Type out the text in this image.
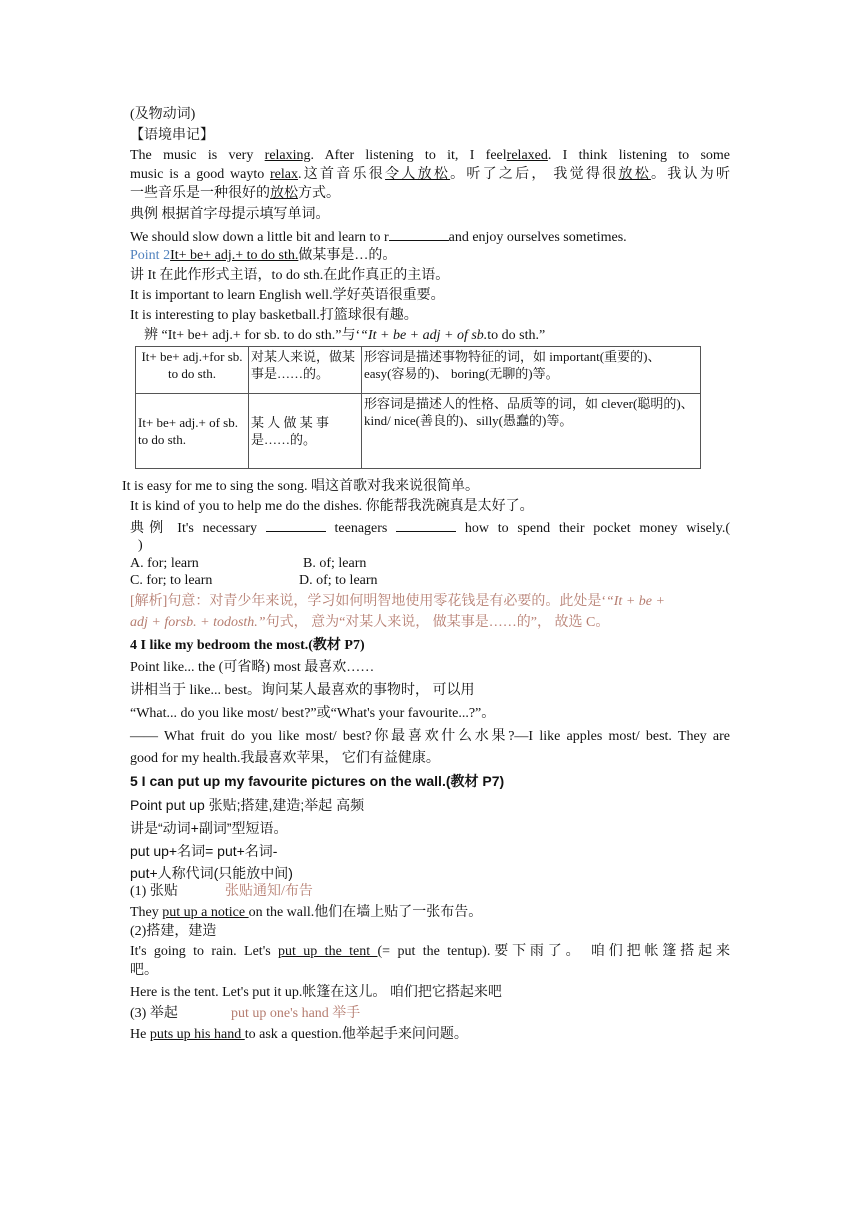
(及物动词)
【语境串记】
The music is very relaxing. After listening to it, I feelrelaxed. I think listening to some
music is a good wayto relax.这首音乐很令人放松。听了之后， 我觉得很放松。我认为听
一些音乐是一种很好的放松方式。
典例 根据首字母提示填写单词。
We should slow down a little bit and learn to r	and enjoy ourselves sometimes.
Point 2It+ be+ adj.+ to do sth.做某事是…的。
讲 It 在此作形式主语，to do sth.在此作真正的主语。
It is important to learn English well.学好英语很重要。
It is interesting to play basketball.打篮球很有趣。
辨 “It+ be+ adj.+ for sb. to do sth.”与‘“It + be + adj + of sb.to do sth.”
It+ be+ adj.+for sb. to do sth.	对某人来说，做某事是……的。	形容词是描述事物特征的词，如 important(重要的)、easy(容易的)、 boring(无聊的)等。
It+ be+ adj.+ of sb. to do sth.	某 人 做 某 事是……的。	形容词是描述人的性格、品质等的词，如 clever(聪明的)、 kind/ nice(善良的)、silly(愚蠢的)等。
It is easy for me to sing the song. 唱这首歌对我来说很简单。
It is kind of you to help me do the dishes. 你能帮我洗碗真是太好了。
典例 It's necessary	teenagers	how to spend their pocket money wisely.(
)
A. for; learn	B. of; learn
C. for; to learn	D. of; to learn
[解析]句意：对青少年来说，学习如何明智地使用零花钱是有必要的。此处是‘“It + be +
adj + forsb. + todosth.”句式， 意为“对某人来说， 做某事是……的”， 故选 C。
4 I like my bedroom the most.(教材 P7)
Point like... the (可省略) most 最喜欢……
讲相当于 like... best。询问某人最喜欢的事物时， 可以用
“What... do you like most/ best?”或“What's your favourite...?”。
—— What fruit do you like most/ best?你最喜欢什么水果?—I like apples most/ best. They are
good for my health.我最喜欢苹果， 它们有益健康。
5 I can put up my favourite pictures on the wall.(教材 P7)
Point put up 张贴;搭建,建造;举起 高频
讲是“动词+副词”型短语。
put up+名词= put+名词-
put+人称代词(只能放中间)
(1) 张贴	张贴通知/布告
They put up a notice on the wall.他们在墙上贴了一张布告。
(2)搭建，建造
It's going to rain. Let's put up the tent (= put the tentup).要下雨了。 咱们把帐篷搭起来
吧。
Here is the tent. Let's put it up.帐篷在这儿。 咱们把它搭起来吧
(3) 举起	put up one's hand 举手
He puts up his hand to ask a question.他举起手来问问题。
